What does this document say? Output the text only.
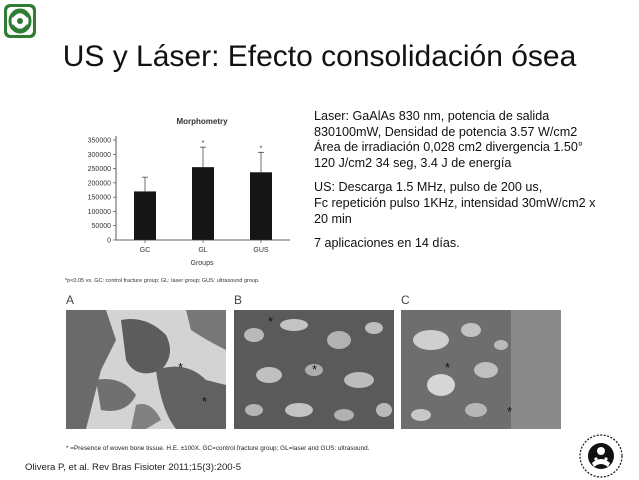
US y Láser: Efecto consolidación ósea
Morphometry
0
50000
100000
150000
200000
250000
300000
350000	*
*
GC	GL	GUS
Groups
*p<0.05 vs. GC: control fracture group; GL: laser group; GUS: ultrasound group.

Laser: GaAlAs 830 nm, potencia de salida

830100mW, Densidad de potencia 3.57 W/cm2

Área de irradiación 0,028 cm2 divergencia 1.50°

120 J/cm2 34 seg, 3.4 J de energía

US: Descarga 1.5 MHz, pulso de 200 us,

Fc repetición pulso 1KHz, intensidad 30mW/cm2 x

20 min

7 aplicaciones en 14 días.

A
*
*
B
*
*
C
*
*
* =Presence of woven bone tissue. H.E. ±100X. GC=control fracture group; GL=laser and GUS: ultrasound.
Olivera P, et al. Rev Bras Fisioter 2011;15(3):200-5
